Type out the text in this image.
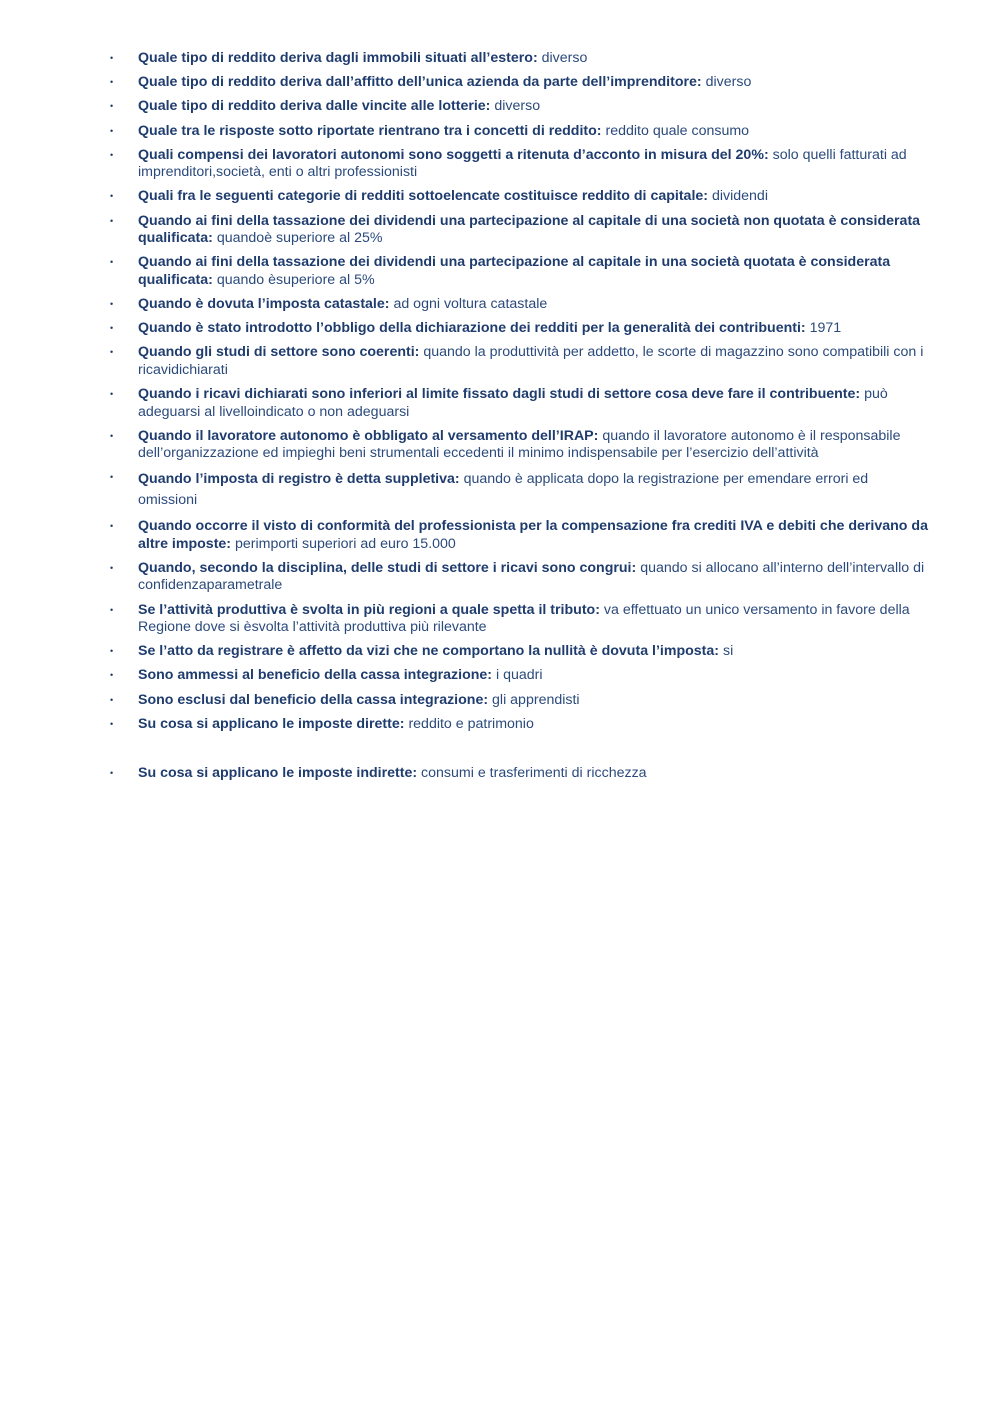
•	Quale tipo di reddito deriva dagli immobili situati all’estero: diverso
•	Quale tipo di reddito deriva dall’affitto dell’unica azienda da parte dell’imprenditore: diverso
•	Quale tipo di reddito deriva dalle vincite alle lotterie: diverso
•	Quale tra le risposte sotto riportate rientrano tra i concetti di reddito: reddito quale consumo
•	Quali compensi dei lavoratori autonomi sono soggetti a ritenuta d’acconto in misura del 20%: solo quelli fatturati ad imprenditori,società, enti o altri professionisti
•	Quali fra le seguenti categorie di redditi sottoelencate costituisce reddito di capitale: dividendi
•	Quando ai fini della tassazione dei dividendi una partecipazione al capitale di una società non quotata è considerata qualificata: quandoè superiore al 25%
•	Quando ai fini della tassazione dei dividendi una partecipazione al capitale in una società quotata è considerata qualificata: quando èsuperiore al 5%
•	Quando è dovuta l’imposta catastale: ad ogni voltura catastale
•	Quando è stato introdotto l’obbligo della dichiarazione dei redditi per la generalità dei contribuenti: 1971
•	Quando gli studi di settore sono coerenti: quando la produttività per addetto, le scorte di magazzino sono compatibili con i ricavidichiarati
•	Quando i ricavi dichiarati sono inferiori al limite fissato dagli studi di settore cosa deve fare il contribuente: può adeguarsi al livelloindicato o non adeguarsi
•	Quando il lavoratore autonomo è obbligato al versamento dell’IRAP: quando il lavoratore autonomo è il responsabile dell’organizzazione ed impieghi beni strumentali eccedenti il minimo indispensabile per l’esercizio dell’attività
•	Quando l’imposta di registro è detta suppletiva: quando è applicata dopo la registrazione per emendare errori ed omissioni
•	Quando occorre il visto di conformità del professionista per la compensazione fra crediti IVA e debiti che derivano da altre imposte: perimporti superiori ad euro 15.000
•	Quando, secondo la disciplina, delle studi di settore i ricavi sono congrui: quando si allocano all’interno dell’intervallo di confidenzaparametrale
•	Se l’attività produttiva è svolta in più regioni a quale spetta il tributo: va effettuato un unico versamento in favore della Regione dove si èsvolta l’attività produttiva più rilevante
•	Se l’atto da registrare è affetto da vizi che ne comportano la nullità è dovuta l’imposta: si
•	Sono ammessi al beneficio della cassa integrazione: i quadri
•	Sono esclusi dal beneficio della cassa integrazione: gli apprendisti
•	Su cosa si applicano le imposte dirette: reddito e patrimonio
•	Su cosa si applicano le imposte indirette: consumi e trasferimenti di ricchezza
